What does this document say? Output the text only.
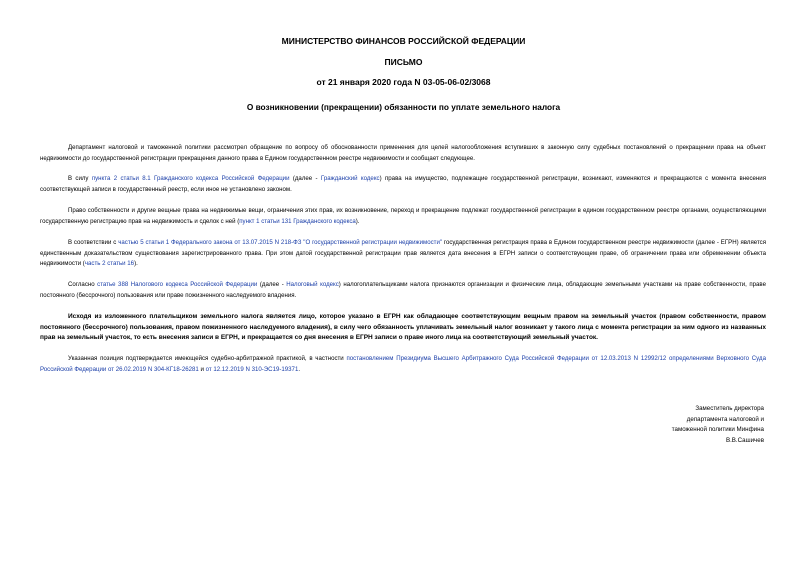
МИНИСТЕРСТВО ФИНАНСОВ РОССИЙСКОЙ ФЕДЕРАЦИИ
ПИСЬМО
от 21 января 2020 года N 03-05-06-02/3068
О возникновении (прекращении) обязанности по уплате земельного налога

Департамент налоговой и таможенной политики рассмотрел обращение по вопросу об обоснованности применения для целей налогообложения вступивших в законную силу судебных постановлений о прекращении права на объект недвижимости до государственной регистрации прекращения данного права в Едином государственном реестре недвижимости и сообщает следующее.

В силу пункта 2 статьи 8.1 Гражданского кодекса Российской Федерации (далее - Гражданский кодекс) права на имущество, подлежащие государственной регистрации, возникают, изменяются и прекращаются с момента внесения соответствующей записи в государственный реестр, если иное не установлено законом.

Право собственности и другие вещные права на недвижимые вещи, ограничения этих прав, их возникновение, переход и прекращение подлежат государственной регистрации в едином государственном реестре органами, осуществляющими государственную регистрацию прав на недвижимость и сделок с ней (пункт 1 статьи 131 Гражданского кодекса).

В соответствии с частью 5 статьи 1 Федерального закона от 13.07.2015 N 218-ФЗ "О государственной регистрации недвижимости" государственная регистрация права в Едином государственном реестре недвижимости (далее - ЕГРН) является единственным доказательством существования зарегистрированного права. При этом датой государственной регистрации прав является дата внесения в ЕГРН записи о соответствующем праве, об ограничении права или обременении объекта недвижимости (часть 2 статьи 16).

Согласно статье 388 Налогового кодекса Российской Федерации (далее - Налоговый кодекс) налогоплательщиками налога признаются организации и физические лица, обладающие земельными участками на праве собственности, праве постоянного (бессрочного) пользования или праве пожизненного наследуемого владения.

Исходя из изложенного плательщиком земельного налога является лицо, которое указано в ЕГРН как обладающее соответствующим вещным правом на земельный участок (правом собственности, правом постоянного (бессрочного) пользования, правом пожизненного наследуемого владения), в силу чего обязанность уплачивать земельный налог возникает у такого лица с момента регистрации за ним одного из названных прав на земельный участок, то есть внесения записи в ЕГРН, и прекращается со дня внесения в ЕГРН записи о праве иного лица на соответствующий земельный участок.

Указанная позиция подтверждается имеющейся судебно-арбитражной практикой, в частности постановлением Президиума Высшего Арбитражного Суда Российской Федерации от 12.03.2013 N 12992/12 определениями Верховного Суда Российской Федерации от 26.02.2019 N 304-КГ18-26281 и от 12.12.2019 N 310-ЭС19-19371.

Заместитель директора
департамента налоговой и
таможенной политики Минфина
В.В.Сашичев
